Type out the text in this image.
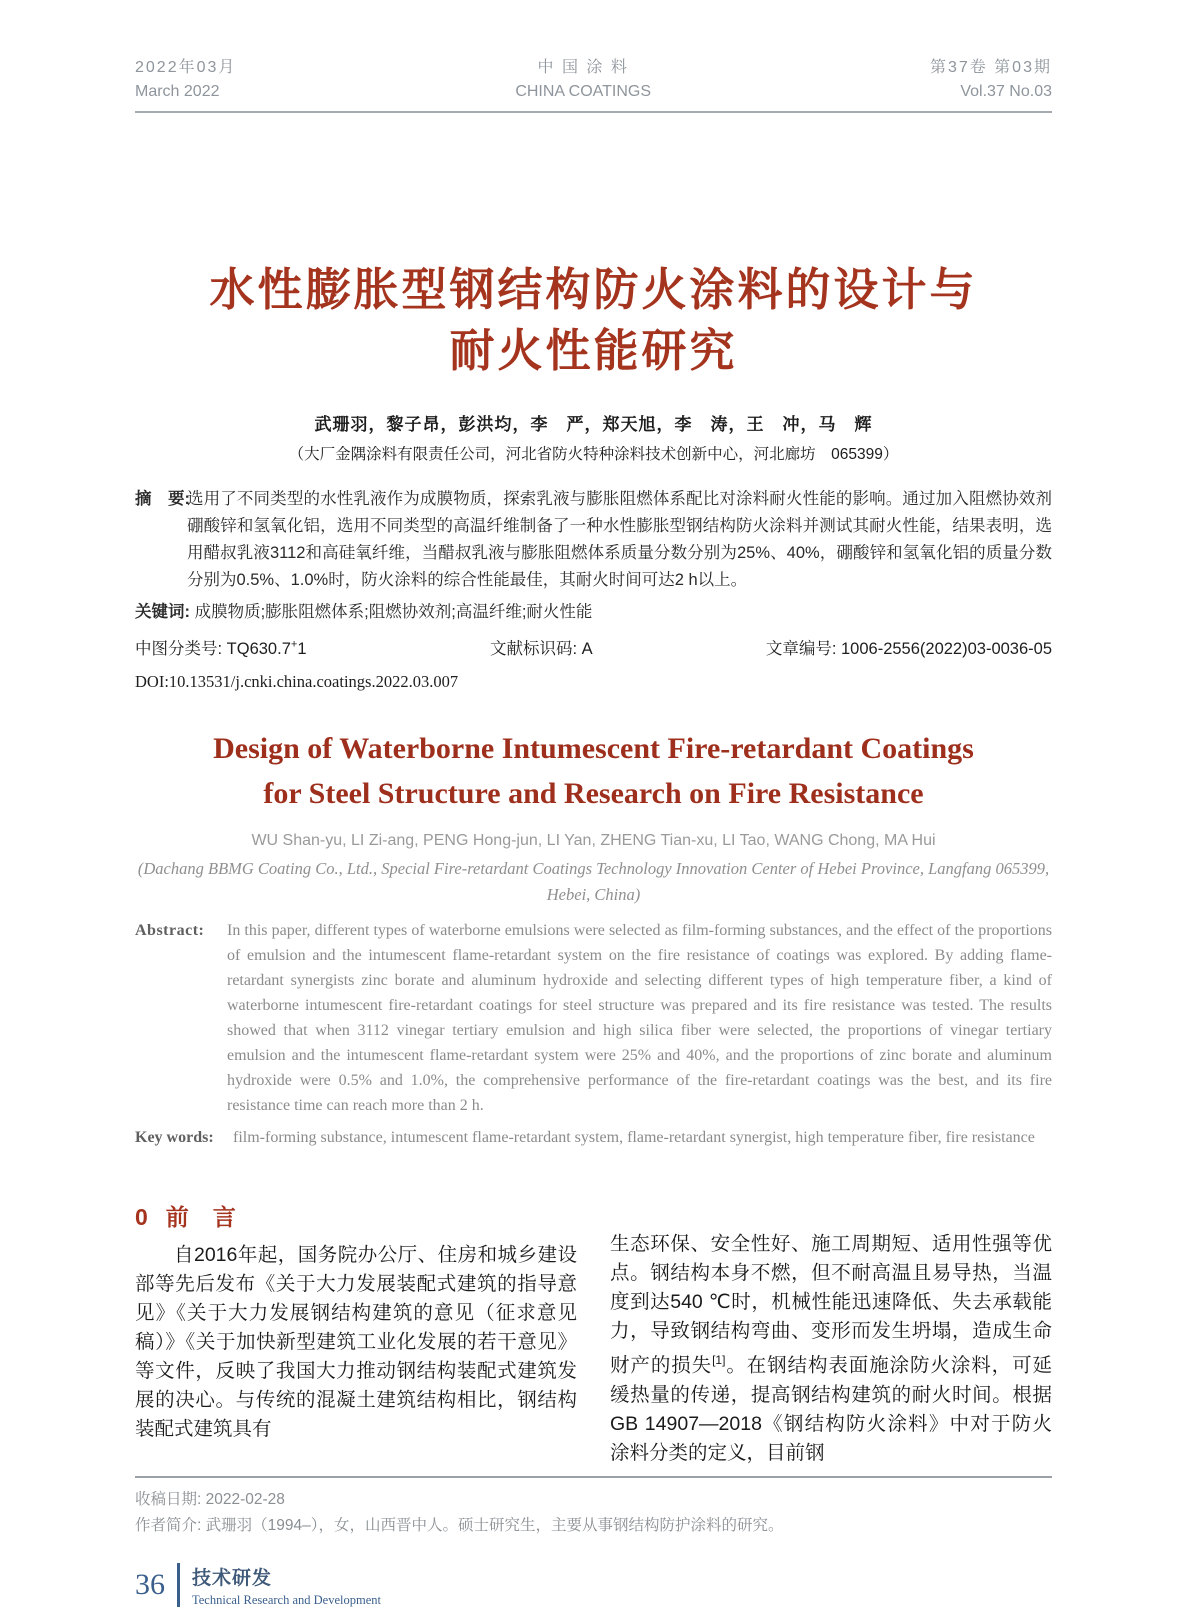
2022年03月
March 2022
中 国 涂 料
CHINA COATINGS
第37卷 第03期
Vol.37 No.03
水性膨胀型钢结构防火涂料的设计与
耐火性能研究
武珊羽，黎子昂，彭洪均，李　严，郑天旭，李　涛，王　冲，马　辉
（大厂金隅涂料有限责任公司，河北省防火特种涂料技术创新中心，河北廊坊　065399）
摘　要:
选用了不同类型的水性乳液作为成膜物质，探索乳液与膨胀阻燃体系配比对涂料耐火性能的影响。通过加入阻燃协效剂硼酸锌和氢氧化铝，选用不同类型的高温纤维制备了一种水性膨胀型钢结构防火涂料并测试其耐火性能，结果表明，选用醋叔乳液3112和高硅氧纤维，当醋叔乳液与膨胀阻燃体系质量分数分别为25%、40%，硼酸锌和氢氧化铝的质量分数分别为0.5%、1.0%时，防火涂料的综合性能最佳，其耐火时间可达2 h以上。
关键词: 成膜物质;膨胀阻燃体系;阻燃协效剂;高温纤维;耐火性能
中图分类号: TQ630.7+1	文献标识码: A	文章编号: 1006-2556(2022)03-0036-05
DOI:10.13531/j.cnki.china.coatings.2022.03.007
Design of Waterborne Intumescent Fire-retardant Coatings
for Steel Structure and Research on Fire Resistance
WU Shan-yu, LI Zi-ang, PENG Hong-jun, LI Yan, ZHENG Tian-xu, LI Tao, WANG Chong, MA Hui
(Dachang BBMG Coating Co., Ltd., Special Fire-retardant Coatings Technology Innovation Center of Hebei Province, Langfang 065399, Hebei, China)
Abstract: In this paper, different types of waterborne emulsions were selected as film-forming substances, and the effect of the proportions of emulsion and the intumescent flame-retardant system on the fire resistance of coatings was explored. By adding flame-retardant synergists zinc borate and aluminum hydroxide and selecting different types of high temperature fiber, a kind of waterborne intumescent fire-retardant coatings for steel structure was prepared and its fire resistance was tested. The results showed that when 3112 vinegar tertiary emulsion and high silica fiber were selected, the proportions of vinegar tertiary emulsion and the intumescent flame-retardant system were 25% and 40%, and the proportions of zinc borate and aluminum hydroxide were 0.5% and 1.0%, the comprehensive performance of the fire-retardant coatings was the best, and its fire resistance time can reach more than 2 h.
Key words: film-forming substance, intumescent flame-retardant system, flame-retardant synergist, high temperature fiber, fire resistance
0 前 言

自2016年起，国务院办公厅、住房和城乡建设部等先后发布《关于大力发展装配式建筑的指导意见》《关于大力发展钢结构建筑的意见（征求意见稿）》《关于加快新型建筑工业化发展的若干意见》等文件，反映了我国大力推动钢结构装配式建筑发展的决心。与传统的混凝土建筑结构相比，钢结构装配式建筑具有

生态环保、安全性好、施工周期短、适用性强等优点。钢结构本身不燃，但不耐高温且易导热，当温度到达540 ℃时，机械性能迅速降低、失去承载能力，导致钢结构弯曲、变形而发生坍塌，造成生命财产的损失[1]。在钢结构表面施涂防火涂料，可延缓热量的传递，提高钢结构建筑的耐火时间。根据GB 14907—2018《钢结构防火涂料》中对于防火涂料分类的定义，目前钢

收稿日期: 2022-02-28
作者简介: 武珊羽（1994–），女，山西晋中人。硕士研究生，主要从事钢结构防护涂料的研究。
36	技术研发
Technical Research and Development
